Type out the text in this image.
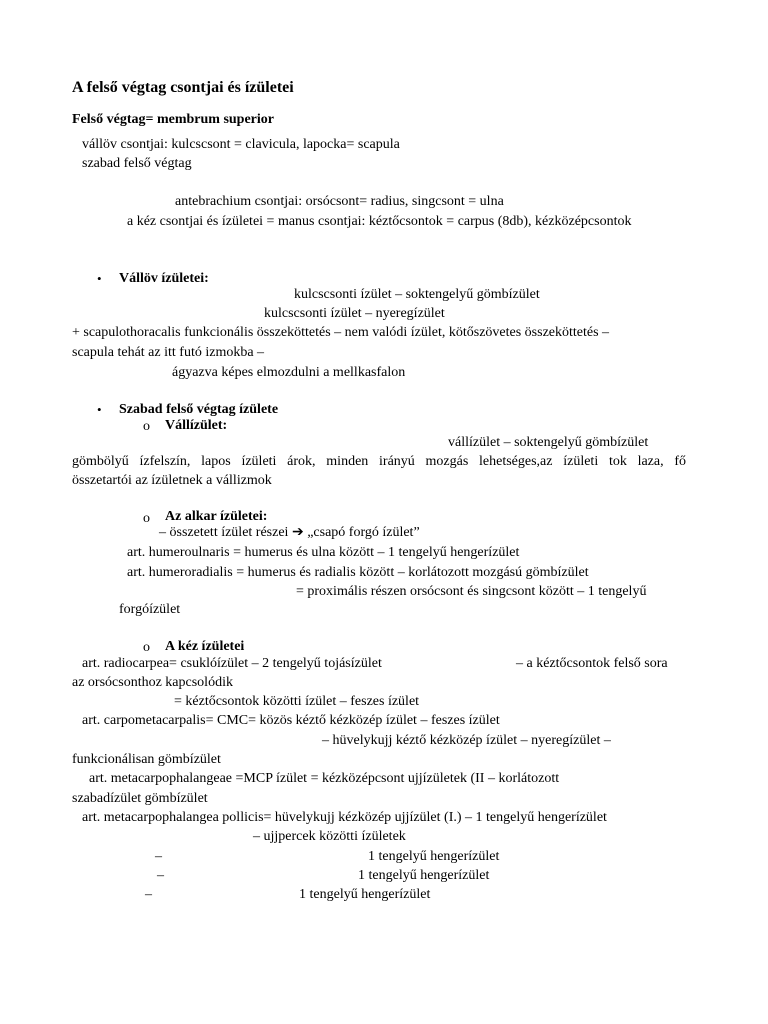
A felső végtag csontjai és ízületei
Felső végtag= membrum superior
vállöv csontjai: kulcscsont = clavicula, lapocka= scapula
szabad felső végtag
antebrachium csontjai: orsócsont= radius, singcsont = ulna
a kéz csontjai és ízületei = manus csontjai: kéztőcsontok = carpus (8db), kézközépcsontok
• Vállöv ízületei:
kulcscsonti ízület – soktengelyű gömbízület
kulcscsonti ízület – nyeregízület
+ scapulothoracalis funkcionális összeköttetés – nem valódi ízület, kötőszövetes összeköttetés –
scapula tehát az itt futó izmokba –
ágyazva képes elmozdulni a mellkasfalon
• Szabad felső végtag ízülete
o Vállízület:
vállízület – soktengelyű gömbízület
gömbölyű ízfelszín, lapos ízületi árok, minden irányú mozgás lehetséges,az ízületi tok laza, fő
összetartói az ízületnek a vállizmok
o Az alkar ízületei:
– összetett ízület részei ➔ „csapó forgó ízület”
art. humeroulnaris = humerus és ulna között – 1 tengelyű hengerízület
art. humeroradialis = humerus és radialis között – korlátozott mozgású gömbízület
= proximális részen orsócsont és singcsont között – 1 tengelyű
forgóízület
o A kéz ízületei
art. radiocarpea= csuklóízület – 2 tengelyű tojásízület	– a kéztőcsontok felső sora
az orsócsonthoz kapcsolódik
= kéztőcsontok közötti ízület – feszes ízület
art. carpometacarpalis= CMC= közös kéztő kézközép ízület – feszes ízület
– hüvelykujj kéztő kézközép ízület – nyeregízület –
funkcionálisan gömbízület
art. metacarpophalangeae =MCP ízület = kézközépcsont ujjízületek (II – korlátozott
szabadízület gömbízület
art. metacarpophalangea pollicis= hüvelykujj kézközép ujjízület (I.) – 1 tengelyű hengerízület
– ujjpercek közötti ízületek
–	1 tengelyű hengerízület
–	1 tengelyű hengerízület
–	1 tengelyű hengerízület
